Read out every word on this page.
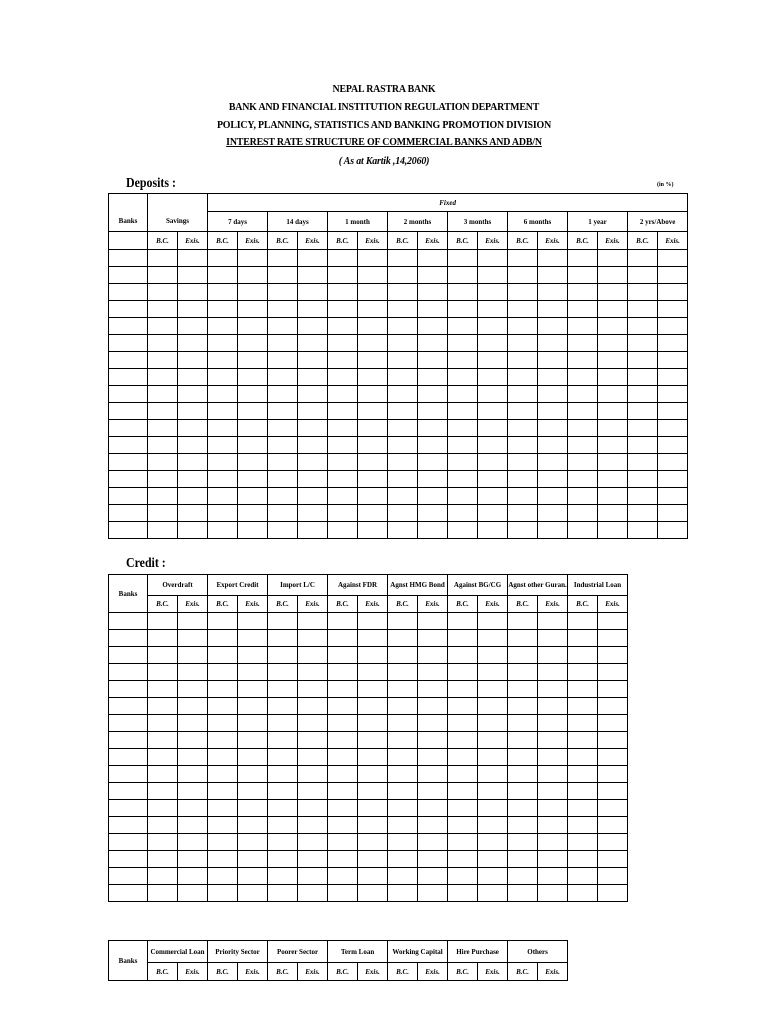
NEPAL RASTRA BANK
BANK AND FINANCIAL INSTITUTION REGULATION DEPARTMENT
POLICY, PLANNING, STATISTICS AND BANKING PROMOTION DIVISION
INTEREST RATE STRUCTURE OF COMMERCIAL BANKS AND ADB/N
( As at Kartik ,14,2060)
Deposits :	(in %)
Banks	Savings		Fixed															
			7 days		14 days		1 month		2 months		3 months		6 months		1 year		2 yrs/Above	
	B.C.	Exis.	B.C.	Exis.	B.C.	Exis.	B.C.	Exis.	B.C.	Exis.	B.C.	Exis.	B.C.	Exis.	B.C.	Exis.	B.C.	Exis.

Credit :
Banks	Overdraft		Export Credit		Import L/C		Against FDR		Agnst HMG Bond		Against BG/CG		Agnst other Guran.		Industrial Loan	
	B.C.	Exis.	B.C.	Exis.	B.C.	Exis.	B.C.	Exis.	B.C.	Exis.	B.C.	Exis.	B.C.	Exis.	B.C.	Exis.

Banks	Commercial Loan		Priority Sector		Poorer Sector		Term Loan		Working Capital		Hire Purchase		Others	
	B.C.	Exis.	B.C.	Exis.	B.C.	Exis.	B.C.	Exis.	B.C.	Exis.	B.C.	Exis.	B.C.	Exis.
